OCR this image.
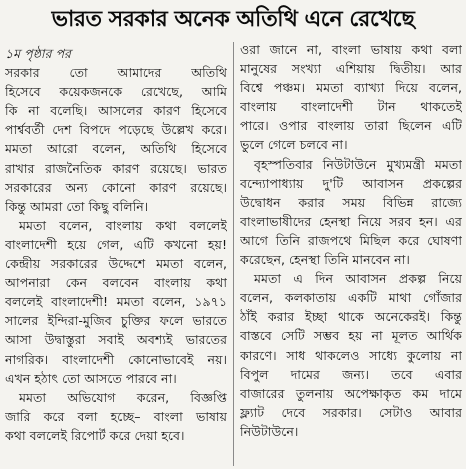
ভারত সরকার অনেক অতিথি এনে রেখেছে
১ম পৃষ্ঠার পর
সরকার তো আমাদের অতিথি
হিসেবে কয়েকজনকে রেখেছে, আমি
কি না বলেছি। আসলের কারণ হিসেবে
পার্শ্ববর্তী দেশ বিপদে পড়েছে উল্লেখ করে।
মমতা আরো বলেন, অতিথি হিসেবে
রাখার রাজনৈতিক কারণ রয়েছে। ভারত
সরকারের অন্য কোনো কারণ রয়েছে।
কিন্তু আমরা তো কিছু বলিনি।
মমতা বলেন, বাংলায় কথা বললেই
বাংলাদেশী হয়ে গেল, এটি কখনো হয়!
কেন্দ্রীয় সরকারের উদ্দেশে মমতা বলেন,
আপনারা কেন বলবেন বাংলায় কথা
বললেই বাংলাদেশী! মমতা বলেন, ১৯৭১
সালের ইন্দিরা-মুজিব চুক্তির ফলে ভারতে
আসা উদ্বাস্তুরা সবাই অবশ্যই ভারতের
নাগরিক। বাংলাদেশী কোনোভাবেই নয়।
এখন হঠাৎ তো আসতে পারবে না।
মমতা অভিযোগ করেন, বিজ্ঞপ্তি
জারি করে বলা হচ্ছে– বাংলা ভাষায়
কথা বললেই রিপোর্ট করে দেয়া হবে।
ওরা জানে না, বাংলা ভাষায় কথা বলা
মানুষের সংখ্যা এশিয়ায় দ্বিতীয়। আর
বিশ্বে পঞ্চম। মমতা ব্যাখ্যা দিয়ে বলেন,
বাংলায় বাংলাদেশী টান থাকতেই
পারে। ওপার বাংলায় তারা ছিলেন এটি
ভুলে গেলে চলবে না।
বৃহস্পতিবার নিউটাউনে মুখ্যমন্ত্রী মমতা
বন্দ্যোপাধ্যায় দু'টি আবাসন প্রকল্পের
উদ্বোধন করার সময় বিভিন্ন রাজ্যে
বাংলাভাষীদের হেনস্থা নিয়ে সরব হন। এর
আগে তিনি রাজপথে মিছিল করে ঘোষণা
করেছেন, হেনস্থা তিনি মানবেন না।
মমতা এ দিন আবাসন প্রকল্প নিয়ে
বলেন, কলকাতায় একটি মাথা গোঁজার
ঠাঁই করার ইচ্ছা থাকে অনেকেরই। কিন্তু
বাস্তবে সেটি সম্ভব হয় না মূলত আর্থিক
কারণে। সাধ থাকলেও সাধ্যে কুলোয় না
বিপুল দামের জন্য। তবে এবার
বাজারের তুলনায় অপেক্ষাকৃত কম দামে
ফ্ল্যাট দেবে সরকার। সেটাও আবার
নিউটাউনে।
